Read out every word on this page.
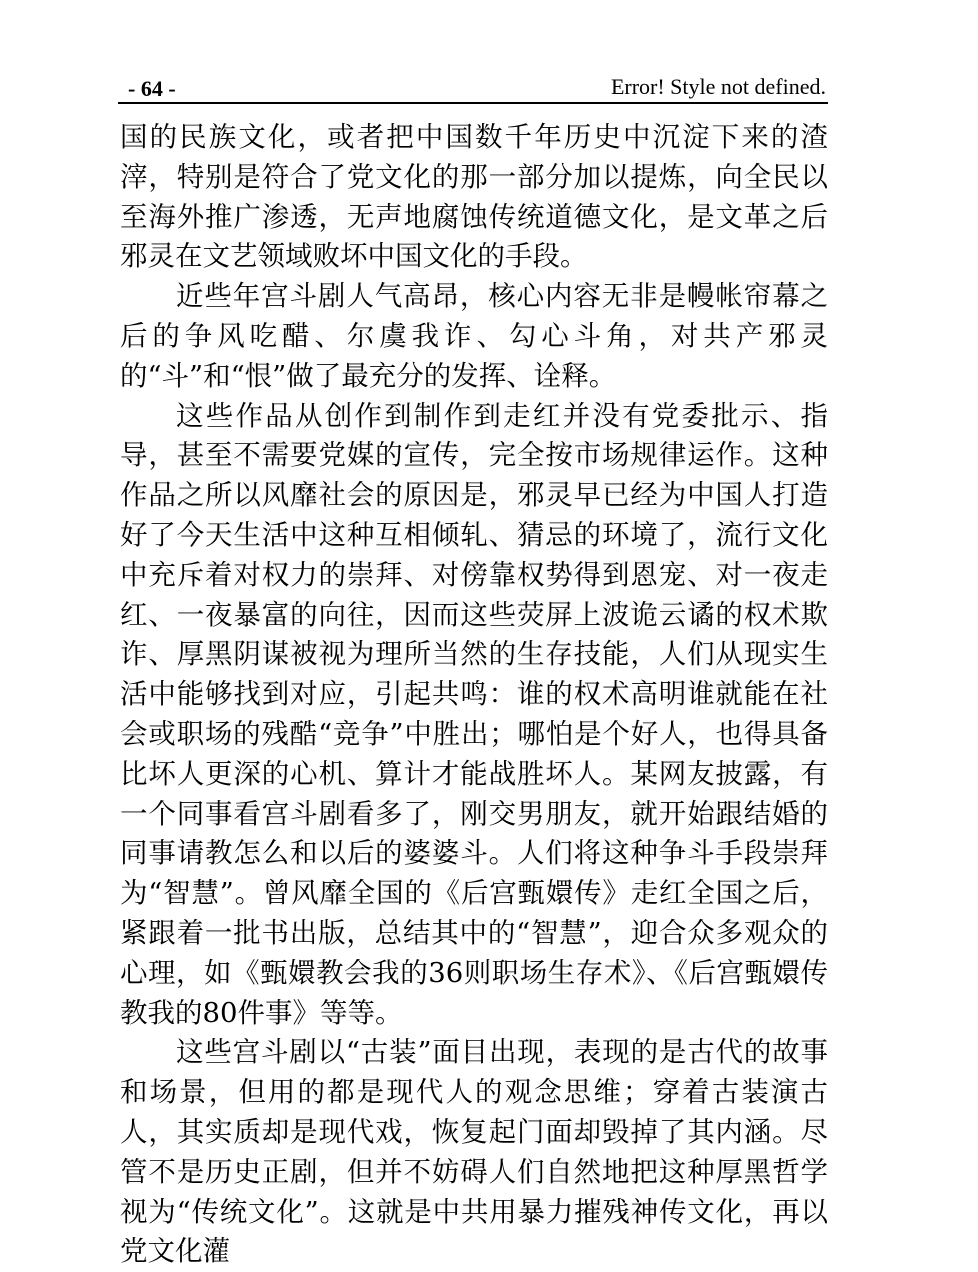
- 64 -	Error! Style not defined.

国的民族文化，或者把中国数千年历史中沉淀下来的渣滓，特别是符合了党文化的那一部分加以提炼，向全民以至海外推广渗透，无声地腐蚀传统道德文化，是文革之后邪灵在文艺领域败坏中国文化的手段。

近些年宫斗剧人气高昂，核心内容无非是幔帐帘幕之后的争风吃醋、尔虞我诈、勾心斗角，对共产邪灵的“斗”和“恨”做了最充分的发挥、诠释。

这些作品从创作到制作到走红并没有党委批示、指导，甚至不需要党媒的宣传，完全按市场规律运作。这种作品之所以风靡社会的原因是，邪灵早已经为中国人打造好了今天生活中这种互相倾轧、猜忌的环境了，流行文化中充斥着对权力的崇拜、对傍靠权势得到恩宠、对一夜走红、一夜暴富的向往，因而这些荧屏上波诡云谲的权术欺诈、厚黑阴谋被视为理所当然的生存技能，人们从现实生活中能够找到对应，引起共鸣：谁的权术高明谁就能在社会或职场的残酷“竞争”中胜出；哪怕是个好人，也得具备比坏人更深的心机、算计才能战胜坏人。某网友披露，有一个同事看宫斗剧看多了，刚交男朋友，就开始跟结婚的同事请教怎么和以后的婆婆斗。人们将这种争斗手段崇拜为“智慧”。曾风靡全国的《后宫甄嬛传》走红全国之后，紧跟着一批书出版，总结其中的“智慧”，迎合众多观众的心理，如《甄嬛教会我的36则职场生存术》、《后宫甄嬛传教我的80件事》等等。

这些宫斗剧以“古装”面目出现，表现的是古代的故事和场景，但用的都是现代人的观念思维；穿着古装演古人，其实质却是现代戏，恢复起门面却毁掉了其内涵。尽管不是历史正剧，但并不妨碍人们自然地把这种厚黑哲学视为“传统文化”。这就是中共用暴力摧残神传文化，再以党文化灌
